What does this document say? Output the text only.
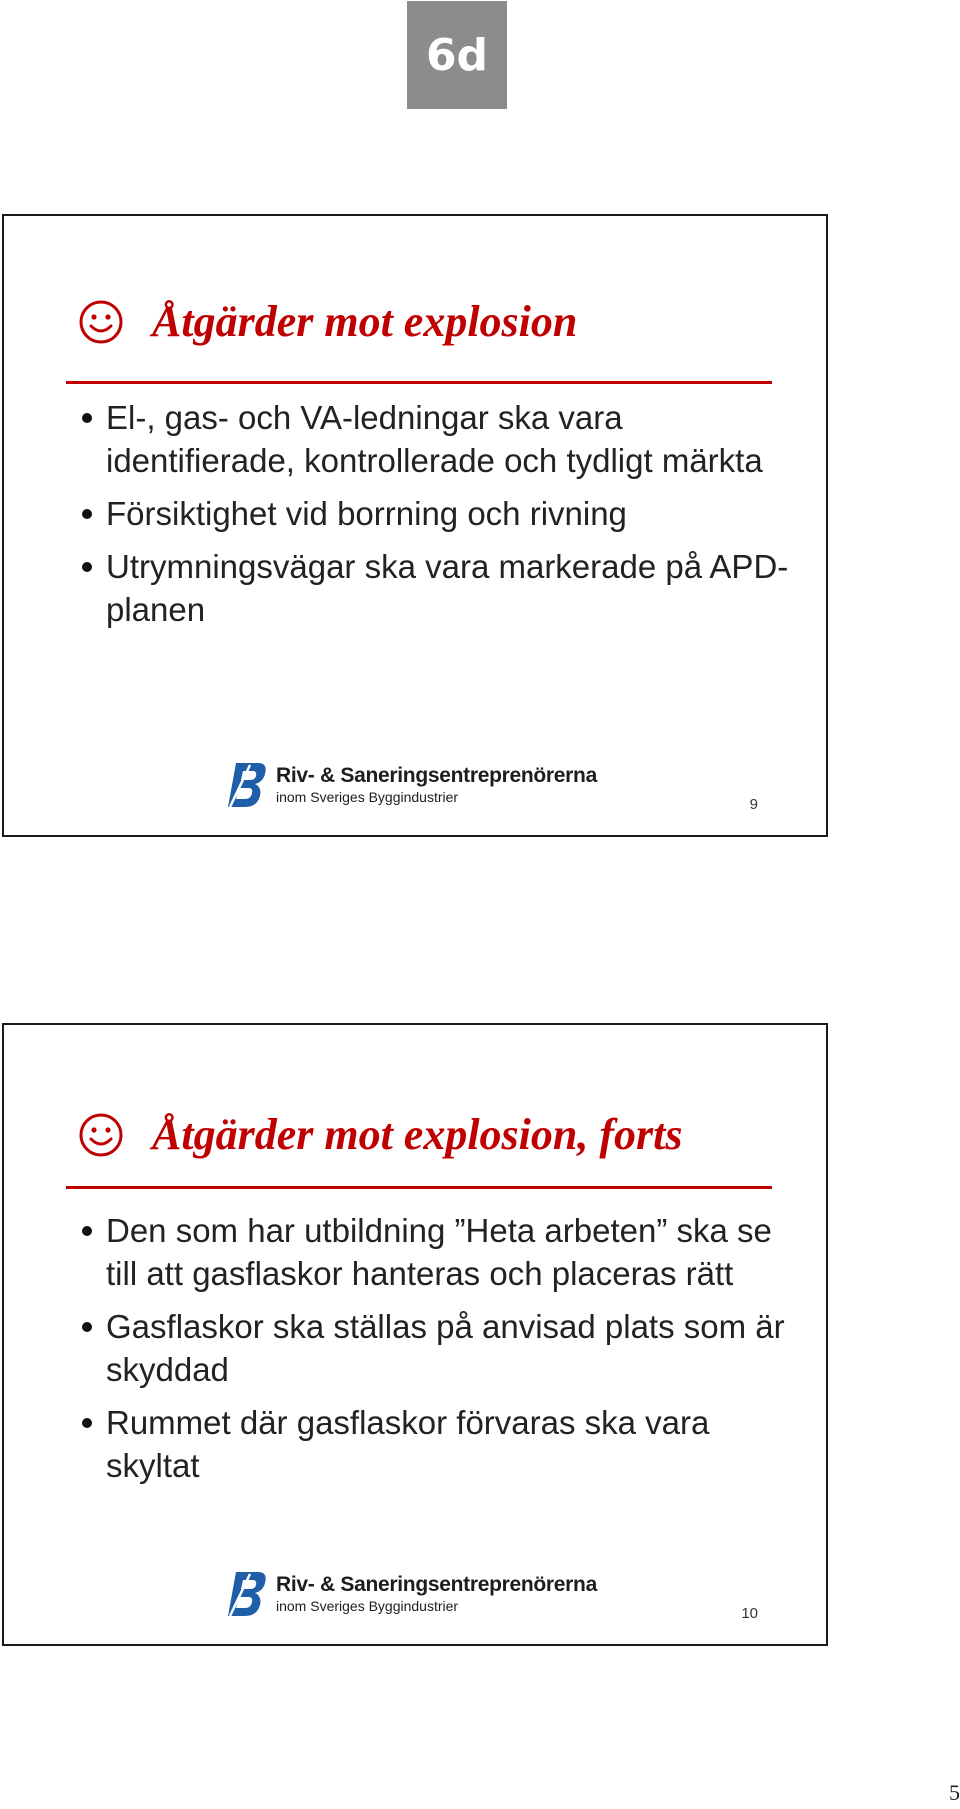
6d
Åtgärder mot explosion
El-, gas- och VA-ledningar ska vara identifierade, kontrollerade och tydligt märkta
Försiktighet vid borrning och rivning
Utrymningsvägar ska vara markerade på APD-planen
Riv- & Saneringsentreprenörerna
inom Sveriges Byggindustrier	9
Åtgärder mot explosion, forts
Den som har utbildning ”Heta arbeten” ska se till att gasflaskor hanteras och placeras rätt
Gasflaskor ska ställas på anvisad plats som är skyddad
Rummet där gasflaskor förvaras ska vara skyltat
Riv- & Saneringsentreprenörerna
inom Sveriges Byggindustrier	10
5
